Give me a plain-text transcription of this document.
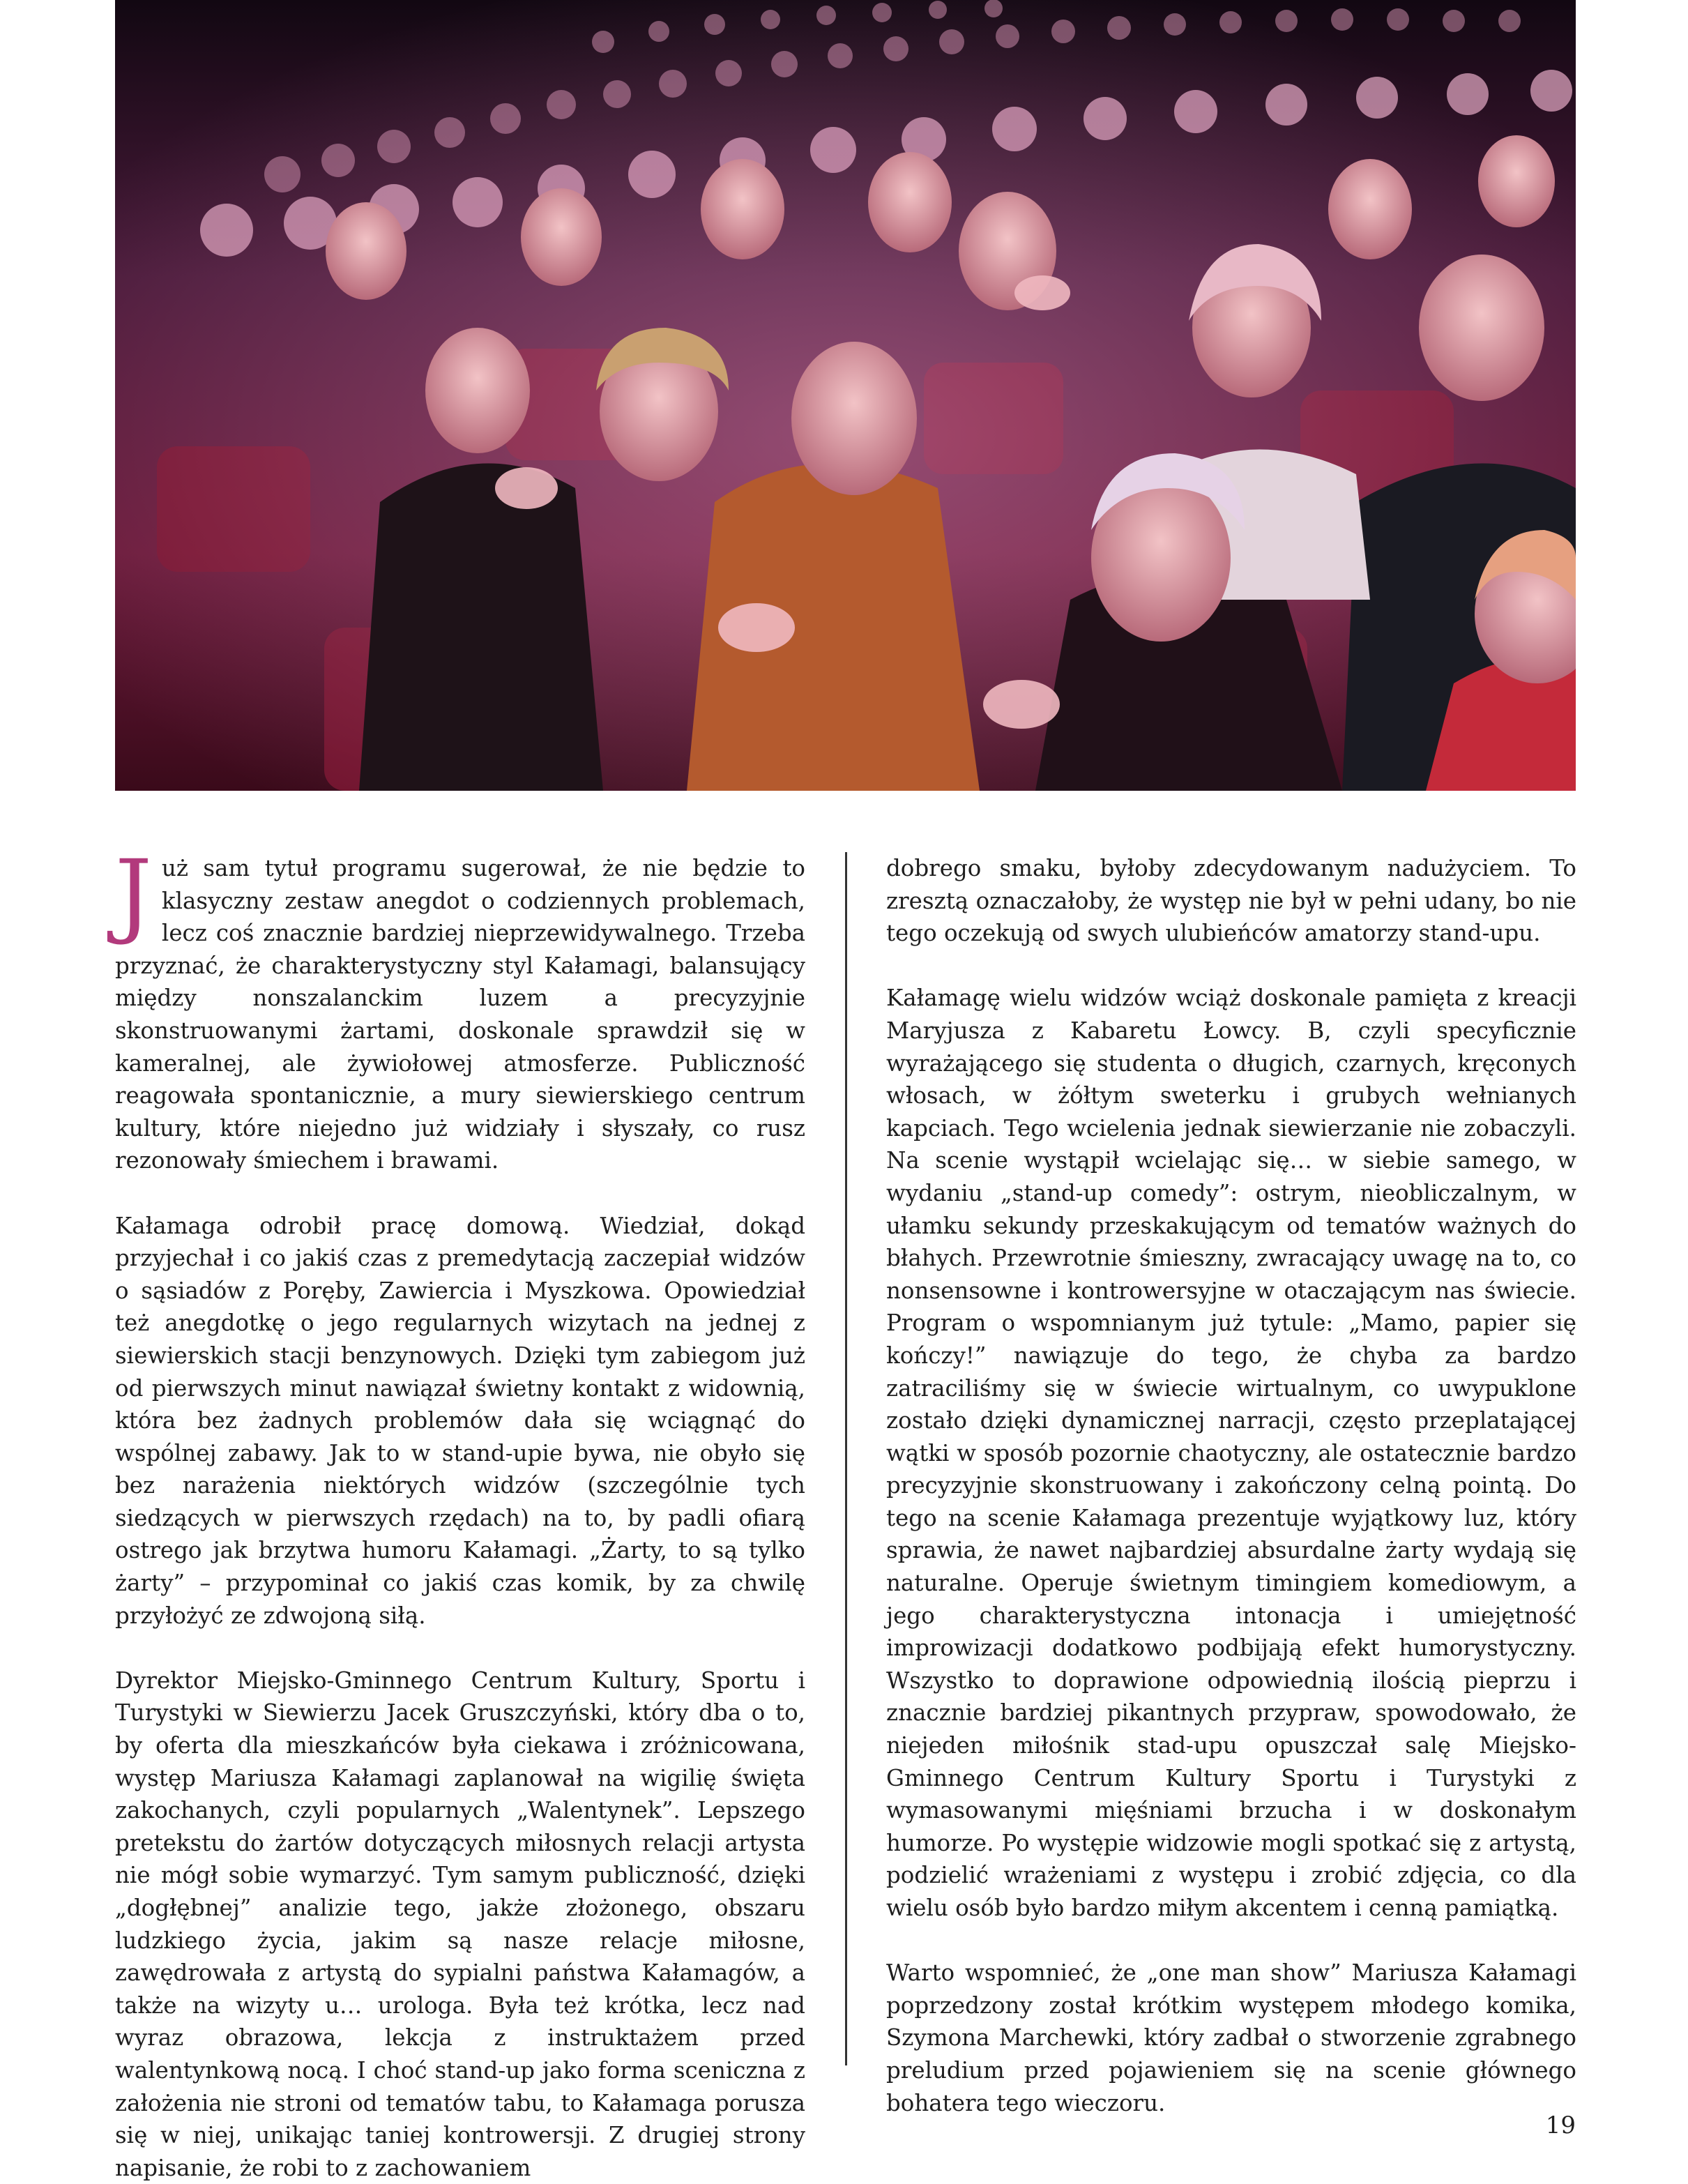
Już sam tytuł programu sugerował, że nie będzie to klasyczny zestaw anegdot o codziennych problemach, lecz coś znacznie bardziej nieprzewidywalnego. Trzeba przyznać, że charakterystyczny styl Kałamagi, balansujący między nonszalanckim luzem a precyzyjnie skonstruowanymi żartami, doskonale sprawdził się w kameralnej, ale żywiołowej atmosferze. Publiczność reagowała spontanicznie, a mury siewierskiego centrum kultury, które niejedno już widziały i słyszały, co rusz rezonowały śmiechem i brawami.

Kałamaga odrobił pracę domową. Wiedział, dokąd przyjechał i co jakiś czas z premedytacją zaczepiał widzów o sąsiadów z Poręby, Zawiercia i Myszkowa. Opowiedział też anegdotkę o jego regularnych wizytach na jednej z siewierskich stacji benzynowych. Dzięki tym zabiegom już od pierwszych minut nawiązał świetny kontakt z widownią, która bez żadnych problemów dała się wciągnąć do wspólnej zabawy. Jak to w stand-upie bywa, nie obyło się bez narażenia niektórych widzów (szczególnie tych siedzących w pierwszych rzędach) na to, by padli ofiarą ostrego jak brzytwa humoru Kałamagi. „Żarty, to są tylko żarty” – przypominał co jakiś czas komik, by za chwilę przyłożyć ze zdwojoną siłą.

Dyrektor Miejsko-Gminnego Centrum Kultury, Sportu i Turystyki w Siewierzu Jacek Gruszczyński, który dba o to, by oferta dla mieszkańców była ciekawa i zróżnicowana, występ Mariusza Kałamagi zaplanował na wigilię święta zakochanych, czyli popularnych „Walentynek”. Lepszego pretekstu do żartów dotyczących miłosnych relacji artysta nie mógł sobie wymarzyć. Tym samym publiczność, dzięki „dogłębnej” analizie tego, jakże złożonego, obszaru ludzkiego życia, jakim są nasze relacje miłosne, zawędrowała z artystą do sypialni państwa Kałamagów, a także na wizyty u… urologa. Była też krótka, lecz nad wyraz obrazowa, lekcja z instruktażem przed walentynkową nocą. I choć stand-up jako forma sceniczna z założenia nie stroni od tematów tabu, to Kałamaga porusza się w niej, unikając taniej kontrowersji. Z drugiej strony napisanie, że robi to z zachowaniem

dobrego smaku, byłoby zdecydowanym nadużyciem. To zresztą oznaczałoby, że występ nie był w pełni udany, bo nie tego oczekują od swych ulubieńców amatorzy stand-upu.

Kałamagę wielu widzów wciąż doskonale pamięta z kreacji Maryjusza z Kabaretu Łowcy. B, czyli specyficznie wyrażającego się studenta o długich, czarnych, kręconych włosach, w żółtym sweterku i grubych wełnianych kapciach. Tego wcielenia jednak siewierzanie nie zobaczyli. Na scenie wystąpił wcielając się… w siebie samego, w wydaniu „stand-up comedy”: ostrym, nieobliczalnym, w ułamku sekundy przeskakującym od tematów ważnych do błahych. Przewrotnie śmieszny, zwracający uwagę na to, co nonsensowne i kontrowersyjne w otaczającym nas świecie. Program o wspomnianym już tytule: „Mamo, papier się kończy!” nawiązuje do tego, że chyba za bardzo zatraciliśmy się w świecie wirtualnym, co uwypuklone zostało dzięki dynamicznej narracji, często przeplatającej wątki w sposób pozornie chaotyczny, ale ostatecznie bardzo precyzyjnie skonstruowany i zakończony celną pointą. Do tego na scenie Kałamaga prezentuje wyjątkowy luz, który sprawia, że nawet najbardziej absurdalne żarty wydają się naturalne. Operuje świetnym timingiem komediowym, a jego charakterystyczna intonacja i umiejętność improwizacji dodatkowo podbijają efekt humorystyczny. Wszystko to doprawione odpowiednią ilością pieprzu i znacznie bardziej pikantnych przypraw, spowodowało, że niejeden miłośnik stad-upu opuszczał salę Miejsko-Gminnego Centrum Kultury Sportu i Turystyki z wymasowanymi mięśniami brzucha i w doskonałym humorze. Po występie widzowie mogli spotkać się z artystą, podzielić wrażeniami z występu i zrobić zdjęcia, co dla wielu osób było bardzo miłym akcentem i cenną pamiątką.

Warto wspomnieć, że „one man show” Mariusza Kałamagi poprzedzony został krótkim występem młodego komika, Szymona Marchewki, który zadbał o stworzenie zgrabnego preludium przed pojawieniem się na scenie głównego bohatera tego wieczoru.

19
